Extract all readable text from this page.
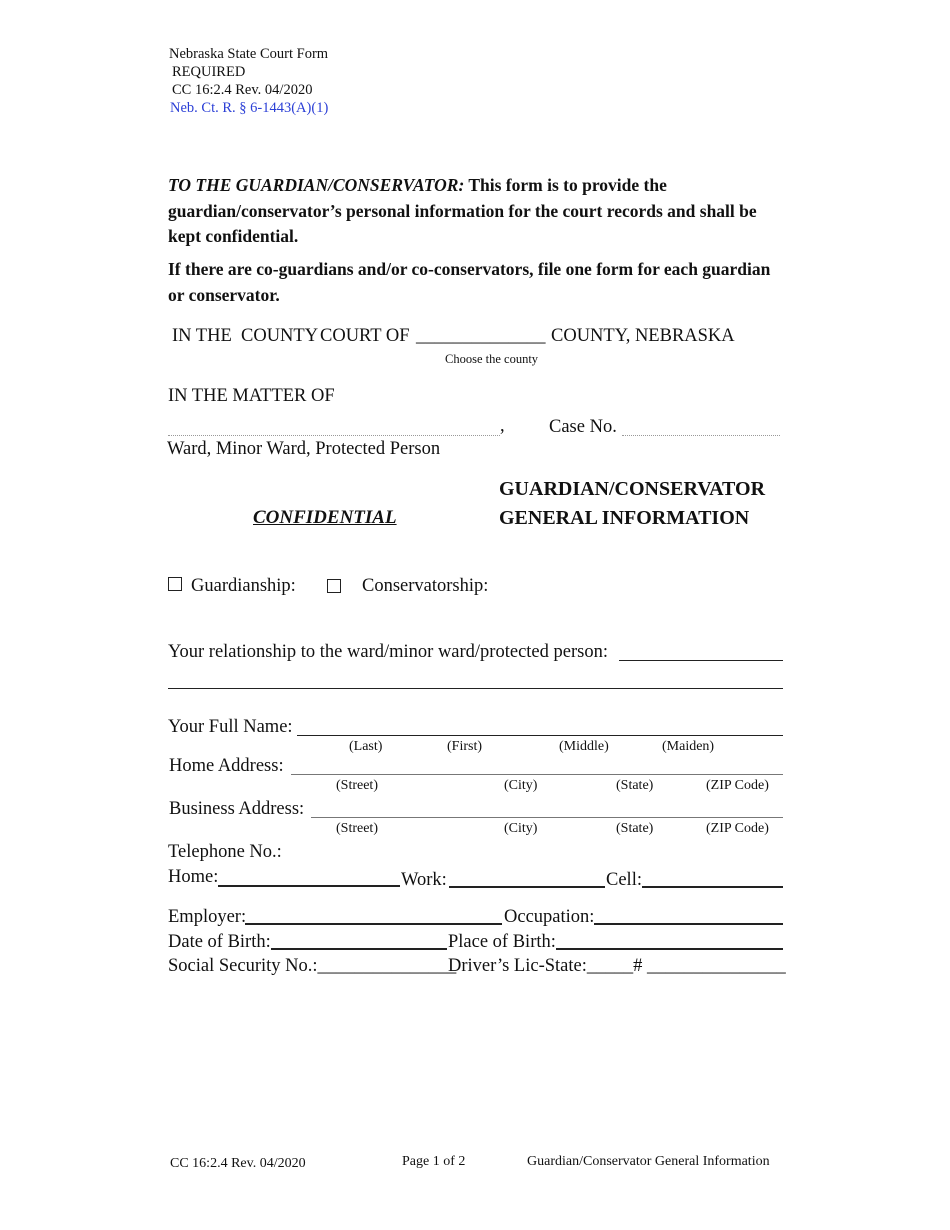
Nebraska State Court Form
REQUIRED
CC 16:2.4 Rev. 04/2020
Neb. Ct. R. § 6-1443(A)(1)
TO THE GUARDIAN/CONSERVATOR: This form is to provide the guardian/conservator’s personal information for the court records and shall be kept confidential.
If there are co-guardians and/or co-conservators, file one form for each guardian or conservator.
IN THE COUNTY COURT OF ______________ COUNTY, NEBRASKA
Choose the county
IN THE MATTER OF
, Case No.
Ward, Minor Ward, Protected Person
GUARDIAN/CONSERVATOR
GENERAL INFORMATION
CONFIDENTIAL
Guardianship:	Conservatorship:
Your relationship to the ward/minor ward/protected person:
Your Full Name:
(Last)	(First)	(Middle)	(Maiden)
Home Address:
(Street)	(City)	(State)	(ZIP Code)
Business Address:
(Street)	(City)	(State)	(ZIP Code)
Telephone No.:
Home:	Work:	Cell:
Employer:	Occupation:
Date of Birth:	Place of Birth:
Social Security No.:_______________
Driver’s Lic-State:_____# _______________
CC 16:2.4 Rev. 04/2020	Page 1 of 2	Guardian/Conservator General Information
